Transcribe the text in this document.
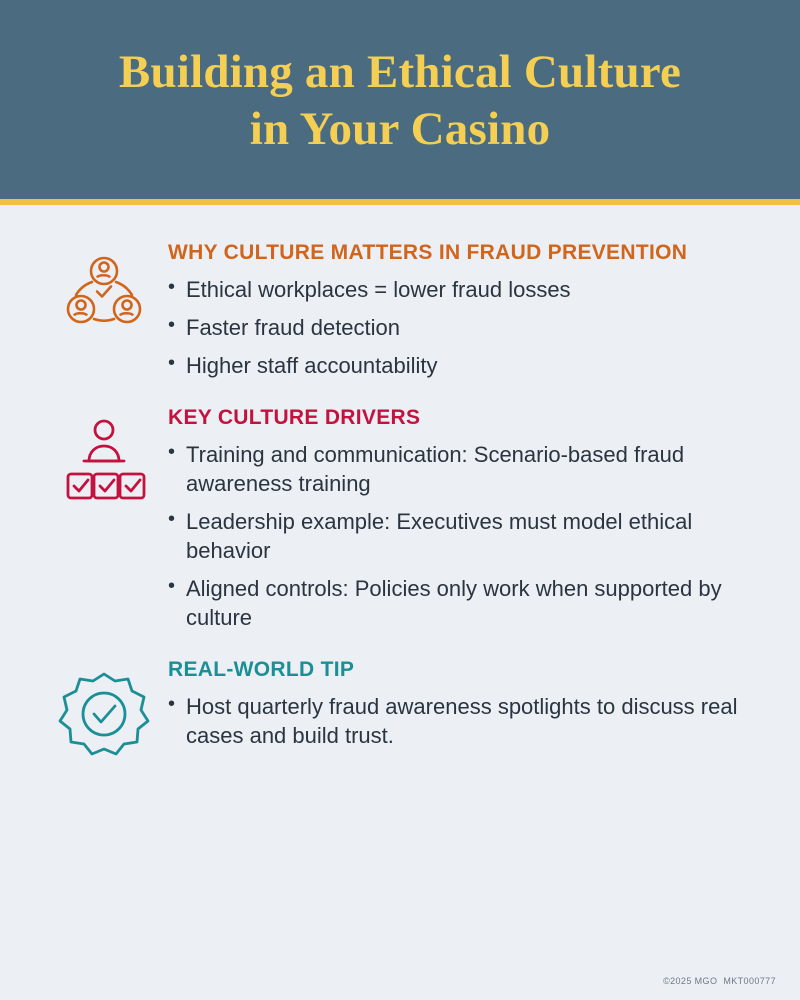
Building an Ethical Culture
in Your Casino
WHY CULTURE MATTERS IN FRAUD PREVENTION
• Ethical workplaces = lower fraud losses
• Faster fraud detection
• Higher staff accountability
KEY CULTURE DRIVERS
• Training and communication: Scenario-based fraud awareness training
• Leadership example: Executives must model ethical behavior
• Aligned controls: Policies only work when supported by culture
REAL-WORLD TIP
• Host quarterly fraud awareness spotlights to discuss real cases and build trust.
©2025 MGO MKT000777
